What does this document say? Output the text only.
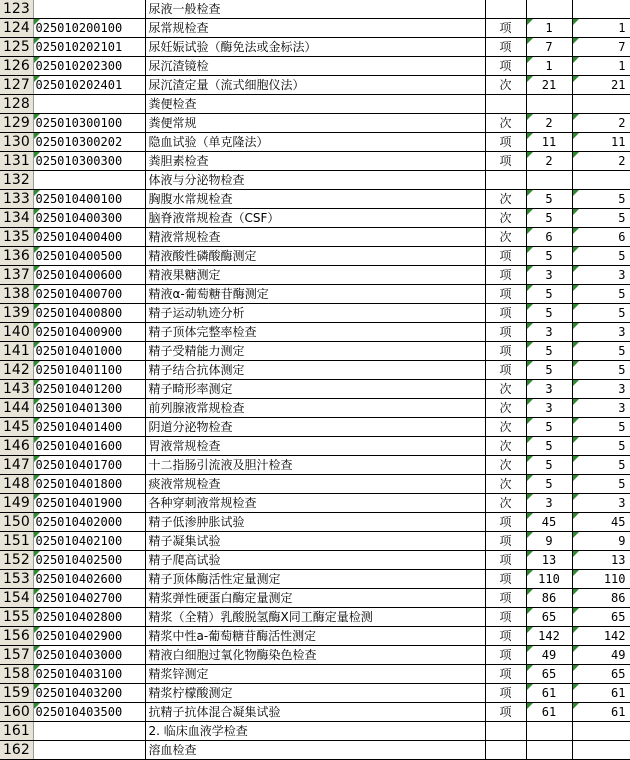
123		尿液一般检查			
124	025010200100	尿常规检查	项	1	1
125	025010202101	尿妊娠试验（酶免法或金标法）	项	7	7
126	025010202300	尿沉渣镜检	项	1	1
127	025010202401	尿沉渣定量（流式细胞仪法）	次	21	21
128		粪便检查			
129	025010300100	粪便常规	次	2	2
130	025010300202	隐血试验（单克隆法）	项	11	11
131	025010300300	粪胆素检查	项	2	2
132		体液与分泌物检查			
133	025010400100	胸腹水常规检查	次	5	5
134	025010400300	脑脊液常规检查（CSF）	次	5	5
135	025010400400	精液常规检查	次	6	6
136	025010400500	精液酸性磷酸酶测定	项	5	5
137	025010400600	精液果糖测定	项	3	3
138	025010400700	精液α-葡萄糖苷酶测定	项	5	5
139	025010400800	精子运动轨迹分析	项	5	5
140	025010400900	精子顶体完整率检查	项	3	3
141	025010401000	精子受精能力测定	项	5	5
142	025010401100	精子结合抗体测定	项	5	5
143	025010401200	精子畸形率测定	次	3	3
144	025010401300	前列腺液常规检查	次	3	3
145	025010401400	阴道分泌物检查	次	5	5
146	025010401600	胃液常规检查	次	5	5
147	025010401700	十二指肠引流液及胆汁检查	次	5	5
148	025010401800	痰液常规检查	次	5	5
149	025010401900	各种穿刺液常规检查	次	3	3
150	025010402000	精子低渗肿胀试验	项	45	45
151	025010402100	精子凝集试验	项	9	9
152	025010402500	精子爬高试验	项	13	13
153	025010402600	精子顶体酶活性定量测定	项	110	110
154	025010402700	精浆弹性硬蛋白酶定量测定	项	86	86
155	025010402800	精浆（全精）乳酸脱氢酶X同工酶定量检测	项	65	65
156	025010402900	精浆中性a-葡萄糖苷酶活性测定	项	142	142
157	025010403000	精液白细胞过氧化物酶染色检查	项	49	49
158	025010403100	精浆锌测定	项	65	65
159	025010403200	精浆柠檬酸测定	项	61	61
160	025010403500	抗精子抗体混合凝集试验	项	61	61
161		2. 临床血液学检查			
162		溶血检查			
